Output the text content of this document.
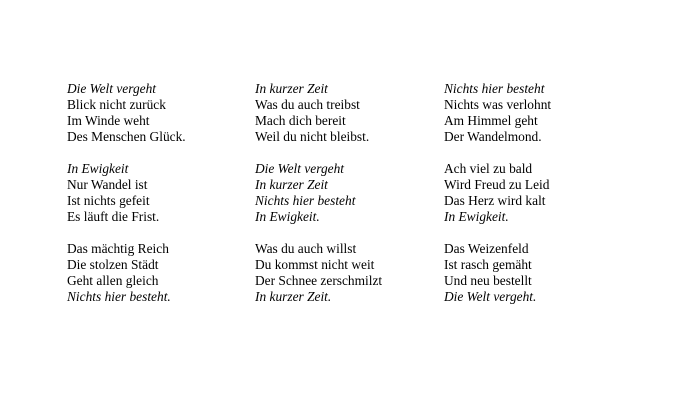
Die Welt vergeht
Blick nicht zurück
Im Winde weht
Des Menschen Glück.
In Ewigkeit
Nur Wandel ist
Ist nichts gefeit
Es läuft die Frist.
Das mächtig Reich
Die stolzen Städt
Geht allen gleich
Nichts hier besteht.
In kurzer Zeit
Was du auch treibst
Mach dich bereit
Weil du nicht bleibst.
Die Welt vergeht
In kurzer Zeit
Nichts hier besteht
In Ewigkeit.
Was du auch willst
Du kommst nicht weit
Der Schnee zerschmilzt
In kurzer Zeit.
Nichts hier besteht
Nichts was verlohnt
Am Himmel geht
Der Wandelmond.
Ach viel zu bald
Wird Freud zu Leid
Das Herz wird kalt
In Ewigkeit.
Das Weizenfeld
Ist rasch gemäht
Und neu bestellt
Die Welt vergeht.
